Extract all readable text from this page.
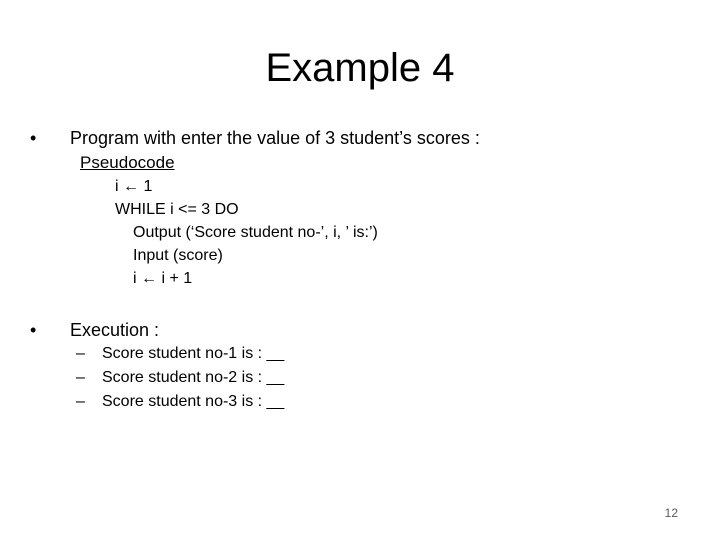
Example 4
• Program with enter the value of 3 student’s scores :
Pseudocode
i ← 1
WHILE i <= 3 DO
Output (‘Score student no-’, i, ’ is:’)
Input (score)
i ← i + 1
• Execution :
– Score student no-1 is : __
– Score student no-2 is : __
– Score student no-3 is : __
12
